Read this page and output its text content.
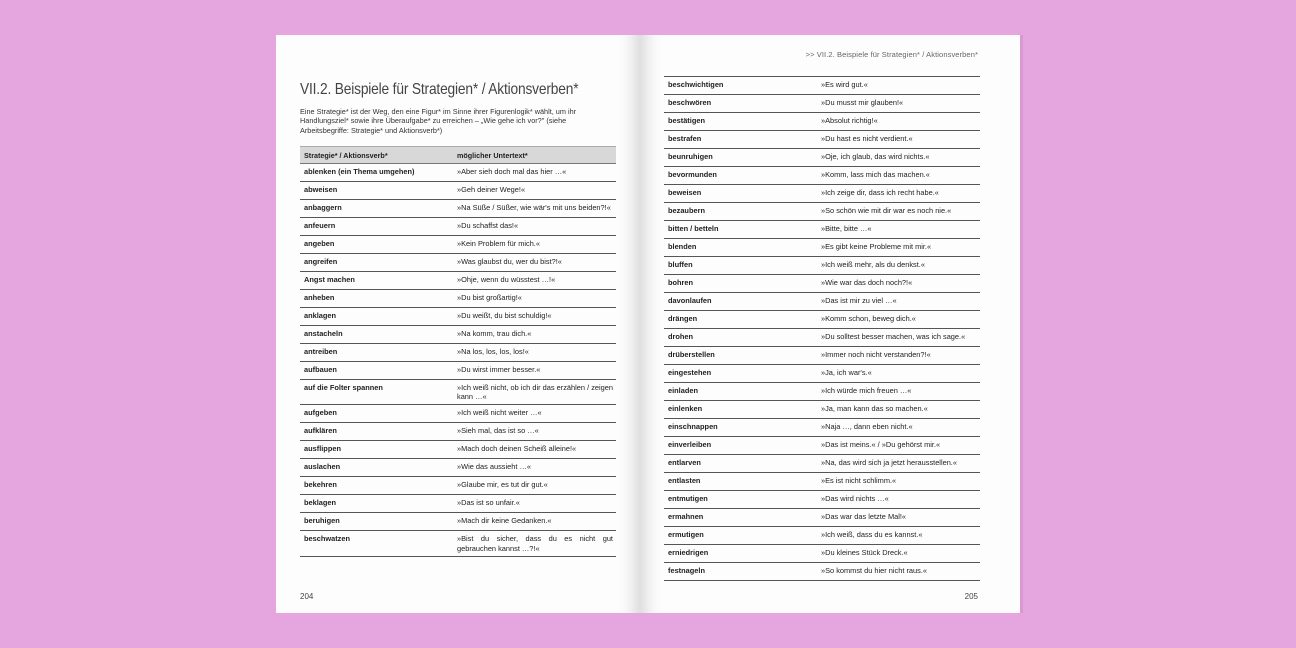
VII.2. Beispiele für Strategien* / Aktionsverben*
Eine Strategie* ist der Weg, den eine Figur* im Sinne ihrer Figurenlogik* wählt, um ihr Handlungsziel* sowie ihre Überaufgabe* zu erreichen – „Wie gehe ich vor?" (siehe Arbeitsbegriffe: Strategie* und Aktionsverb*)
Strategie* / Aktionsverb*	möglicher Untertext*
ablenken (ein Thema umgehen)	»Aber sieh doch mal das hier …«
abweisen	»Geh deiner Wege!«
anbaggern	»Na Süße / Süßer, wie wär's mit uns beiden?!«
anfeuern	»Du schaffst das!«
angeben	»Kein Problem für mich.«
angreifen	»Was glaubst du, wer du bist?!«
Angst machen	»Ohje, wenn du wüsstest …!«
anheben	»Du bist großartig!«
anklagen	»Du weißt, du bist schuldig!«
anstacheln	»Na komm, trau dich.«
antreiben	»Na los, los, los, los!«
aufbauen	»Du wirst immer besser.«
auf die Folter spannen	»Ich weiß nicht, ob ich dir das erzählen / zeigen kann …«
aufgeben	»Ich weiß nicht weiter …«
aufklären	»Sieh mal, das ist so …«
ausflippen	»Mach doch deinen Scheiß alleine!«
auslachen	»Wie das aussieht …«
bekehren	»Glaube mir, es tut dir gut.«
beklagen	»Das ist so unfair.«
beruhigen	»Mach dir keine Gedanken.«
beschwatzen	»Bist du sicher, dass du es nicht gut gebrauchen kannst …?!«
204
>> VII.2. Beispiele für Strategien* / Aktionsverben*
beschwichtigen	»Es wird gut.«
beschwören	»Du musst mir glauben!«
bestätigen	»Absolut richtig!«
bestrafen	»Du hast es nicht verdient.«
beunruhigen	»Oje, ich glaub, das wird nichts.«
bevormunden	»Komm, lass mich das machen.«
beweisen	»Ich zeige dir, dass ich recht habe.«
bezaubern	»So schön wie mit dir war es noch nie.«
bitten / betteln	»Bitte, bitte …«
blenden	»Es gibt keine Probleme mit mir.«
bluffen	»Ich weiß mehr, als du denkst.«
bohren	»Wie war das doch noch?!«
davonlaufen	»Das ist mir zu viel …«
drängen	»Komm schon, beweg dich.«
drohen	»Du solltest besser machen, was ich sage.«
drüberstellen	»Immer noch nicht verstanden?!«
eingestehen	»Ja, ich war's.«
einladen	»Ich würde mich freuen …«
einlenken	»Ja, man kann das so machen.«
einschnappen	»Naja …, dann eben nicht.«
einverleiben	»Das ist meins.« / »Du gehörst mir.«
entlarven	»Na, das wird sich ja jetzt herausstellen.«
entlasten	»Es ist nicht schlimm.«
entmutigen	»Das wird nichts …«
ermahnen	»Das war das letzte Mal!«
ermutigen	»Ich weiß, dass du es kannst.«
erniedrigen	»Du kleines Stück Dreck.«
festnageln	»So kommst du hier nicht raus.«
205
